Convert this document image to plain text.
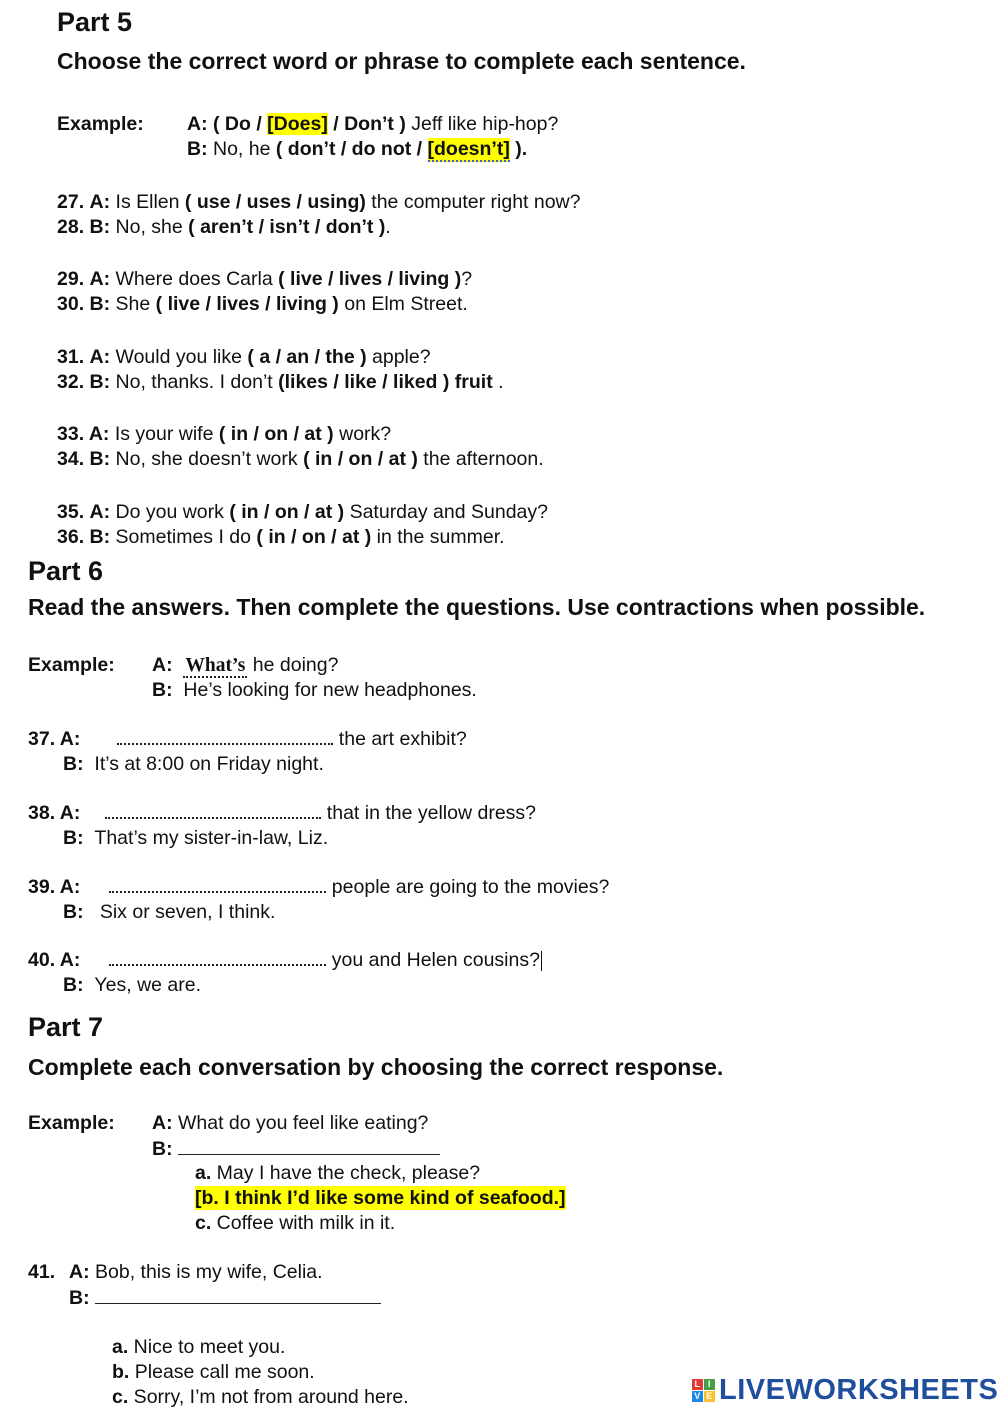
Part 5
Choose the correct word or phrase to complete each sentence.
Example: A: ( Do / [Does] / Don’t ) Jeff like hip-hop?
B: No, he ( don’t / do not / [doesn’t] ).
27. A: Is Ellen ( use / uses / using) the computer right now?
28. B: No, she ( aren’t / isn’t / don’t ).
29. A: Where does Carla ( live / lives / living )?
30. B: She ( live / lives / living ) on Elm Street.
31. A: Would you like ( a / an / the ) apple?
32. B: No, thanks. I don’t (likes / like / liked ) fruit .
33. A: Is your wife ( in / on / at ) work?
34. B: No, she doesn’t work ( in / on / at ) the afternoon.
35. A: Do you work ( in / on / at ) Saturday and Sunday?
36. B: Sometimes I do ( in / on / at ) in the summer.
Part 6
Read the answers. Then complete the questions. Use contractions when possible.
Example: A: What’s he doing?
B: He’s looking for new headphones.
37. A:	the art exhibit?
B: It’s at 8:00 on Friday night.
38. A:	that in the yellow dress?
B: That’s my sister-in-law, Liz.
39. A:	people are going to the movies?
B:   Six or seven, I think.
40. A:	you and Helen cousins?
B: Yes, we are.
Part 7
Complete each conversation by choosing the correct response.
Example: A: What do you feel like eating?
B:
a. May I have the check, please?
[b. I think I’d like some kind of seafood.]
c. Coffee with milk in it.
41. A: Bob, this is my wife, Celia.
B:
a. Nice to meet you.
b. Please call me soon.
c. Sorry, I’m not from around here.
L I
V E LIVEWORKSHEETS
